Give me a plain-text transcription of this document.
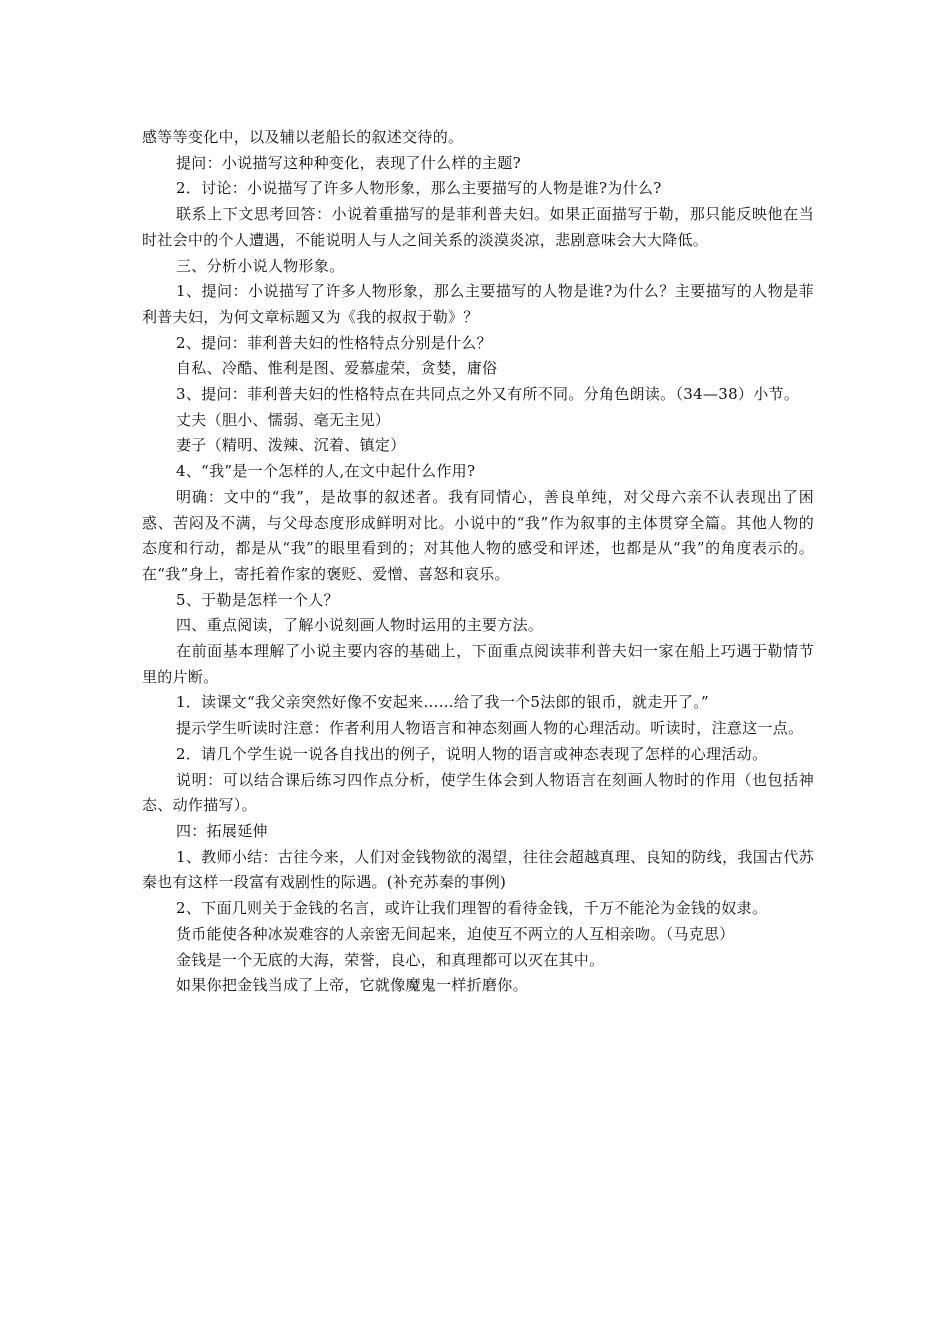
感等等变化中，以及辅以老船长的叙述交待的。

提问：小说描写这种种变化，表现了什么样的主题?

2．讨论：小说描写了许多人物形象，那么主要描写的人物是谁?为什么?

联系上下文思考回答：小说着重描写的是菲利普夫妇。如果正面描写于勒，那只能反映他在当时社会中的个人遭遇，不能说明人与人之间关系的淡漠炎凉，悲剧意味会大大降低。

三、分析小说人物形象。

1、提问：小说描写了许多人物形象，那么主要描写的人物是谁?为什么？主要描写的人物是菲利普夫妇，为何文章标题又为《我的叔叔于勒》？

2、提问：菲利普夫妇的性格特点分别是什么？

自私、冷酷、惟利是图、爱慕虚荣，贪婪，庸俗

3、提问：菲利普夫妇的性格特点在共同点之外又有所不同。分角色朗读。（34—38）小节。

丈夫（胆小、懦弱、毫无主见）

妻子（精明、泼辣、沉着、镇定）

4、“我”是一个怎样的人,在文中起什么作用?

明确：文中的“我”，是故事的叙述者。我有同情心，善良单纯，对父母六亲不认表现出了困惑、苦闷及不满，与父母态度形成鲜明对比。小说中的“我”作为叙事的主体贯穿全篇。其他人物的态度和行动，都是从“我”的眼里看到的；对其他人物的感受和评述，也都是从“我”的角度表示的。在“我”身上，寄托着作家的褒贬、爱憎、喜怒和哀乐。

5、于勒是怎样一个人？

四、重点阅读，了解小说刻画人物时运用的主要方法。

在前面基本理解了小说主要内容的基础上，下面重点阅读菲利普夫妇一家在船上巧遇于勒情节里的片断。

1．读课文“我父亲突然好像不安起来……给了我一个5法郎的银币，就走开了。”

提示学生听读时注意：作者利用人物语言和神态刻画人物的心理活动。听读时，注意这一点。

2．请几个学生说一说各自找出的例子，说明人物的语言或神态表现了怎样的心理活动。

说明：可以结合课后练习四作点分析，使学生体会到人物语言在刻画人物时的作用（也包括神态、动作描写）。

四：拓展延伸

1、教师小结：古往今来，人们对金钱物欲的渴望，往往会超越真理、良知的防线，我国古代苏秦也有这样一段富有戏剧性的际遇。(补充苏秦的事例)

2、下面几则关于金钱的名言，或许让我们理智的看待金钱，千万不能沦为金钱的奴隶。

货币能使各种冰炭难容的人亲密无间起来，迫使互不两立的人互相亲吻。（马克思）

金钱是一个无底的大海，荣誉，良心，和真理都可以灭在其中。

如果你把金钱当成了上帝，它就像魔鬼一样折磨你。
